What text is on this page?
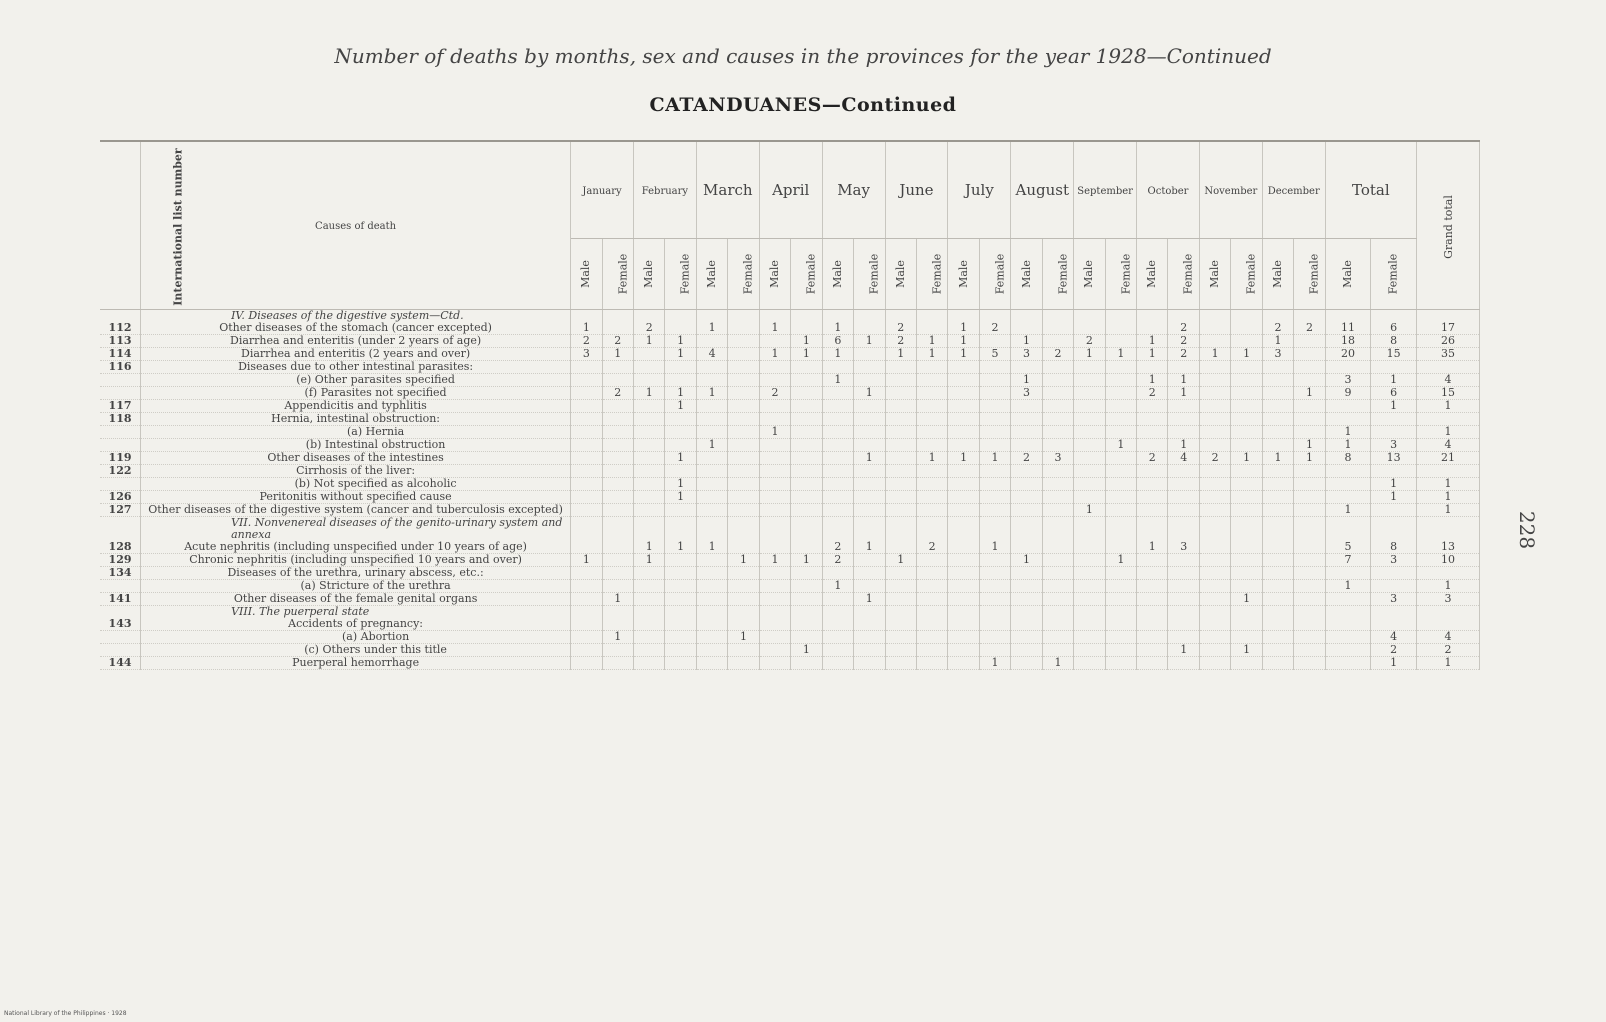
Number of deaths by months, sex and causes in the provinces for the year 1928—Continued
CATANDUANES—Continued
228
National Library of the Philippines · 1928
International list number	Causes of death	January		February		March		April		May		June		July		August		September		October		November		December		Total		Grand total
		Male	Female	Male	Female	Male	Female	Male	Female	Male	Female	Male	Female	Male	Female	Male	Female	Male	Female	Male	Female	Male	Female	Male	Female	Male	Female	
	IV. Diseases of the digestive system—Ctd.																											
112	Other diseases of the stomach (cancer excepted)	1		2		1		1		1		2		1	2						2			2	2	11	6	17
113	Diarrhea and enteritis (under 2 years of age)	2	2	1	1				1	6	1	2	1	1		1		2		1	2			1		18	8	26
114	Diarrhea and enteritis (2 years and over)	3	1		1	4		1	1	1		1	1	1	5	3	2	1	1	1	2	1	1	3		20	15	35
116	Diseases due to other intestinal parasites:																											
	(e) Other parasites specified									1						1				1	1					3	1	4
	(f) Parasites not specified		2	1	1	1		2			1					3				2	1				1	9	6	15
117	Appendicitis and typhlitis				1																						1	1
118	Hernia, intestinal obstruction:																											
	(a) Hernia							1																		1		1
	(b) Intestinal obstruction					1													1		1				1	1	3	4
119	Other diseases of the intestines				1						1		1	1	1	2	3			2	4	2	1	1	1	8	13	21
122	Cirrhosis of the liver:																											
	(b) Not specified as alcoholic				1																						1	1
126	Peritonitis without specified cause				1																						1	1
127	Other diseases of the digestive system (cancer and tuberculosis excepted)																	1								1		1
	VII. Nonvenereal diseases of the genito-urinary system and annexa																											
128	Acute nephritis (including unspecified under 10 years of age)			1	1	1				2	1		2		1					1	3					5	8	13
129	Chronic nephritis (including unspecified 10 years and over)	1		1			1	1	1	2		1				1			1							7	3	10
134	Diseases of the urethra, urinary abscess, etc.:																											
	(a) Stricture of the urethra									1																1		1
141	Other diseases of the female genital organs		1								1												1				3	3
	VIII. The puerperal state																											
143	Accidents of pregnancy:																											
	(a) Abortion		1				1																				4	4
	(c) Others under this title								1												1		1				2	2
144	Puerperal hemorrhage														1		1										1	1
